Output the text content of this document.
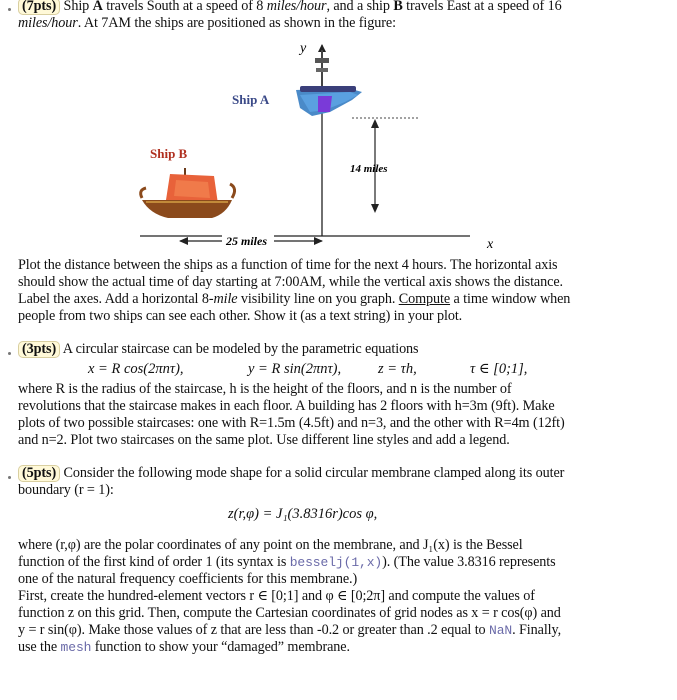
(7pts) Ship A travels South at a speed of 8 miles/hour, and a ship B travels East at a speed of 16
miles/hour. At 7AM the ships are positioned as shown in the figure:
y
x
Ship A
14 miles
Ship B
25 miles
Plot the distance between the ships as a function of time for the next 4 hours. The horizontal axis
should show the actual time of day starting at 7:00AM, while the vertical axis shows the distance.
Label the axes. Add a horizontal 8-mile visibility line on you graph. Compute a time window when
people from two ships can see each other. Show it (as a text string) in your plot.
(3pts) A circular staircase can be modeled by the parametric equations
x = R cos(2πnτ),	y = R sin(2πnτ),	z = τh,	τ ∈ [0;1],
where R is the radius of the staircase, h is the height of the floors, and n is the number of
revolutions that the staircase makes in each floor. A building has 2 floors with h=3m (9ft). Make
plots of two possible staircases: one with R=1.5m (4.5ft) and n=3, and the other with R=4m (12ft)
and n=2. Plot two staircases on the same plot. Use different line styles and add a legend.
(5pts) Consider the following mode shape for a solid circular membrane clamped along its outer
boundary (r = 1):
z(r,φ) = J₁(3.8316r)cos φ,
where (r,φ) are the polar coordinates of any point on the membrane, and J₁(x) is the Bessel
function of the first kind of order 1 (its syntax is besselj(1,x)). (The value 3.8316 represents
one of the natural frequency coefficients for this membrane.)
First, create the hundred-element vectors r ∈ [0;1] and φ ∈ [0;2π] and compute the values of
function z on this grid. Then, compute the Cartesian coordinates of grid nodes as x = r cos(φ) and
y = r sin(φ). Make those values of z that are less than -0.2 or greater than .2 equal to NaN. Finally,
use the mesh function to show your “damaged” membrane.
